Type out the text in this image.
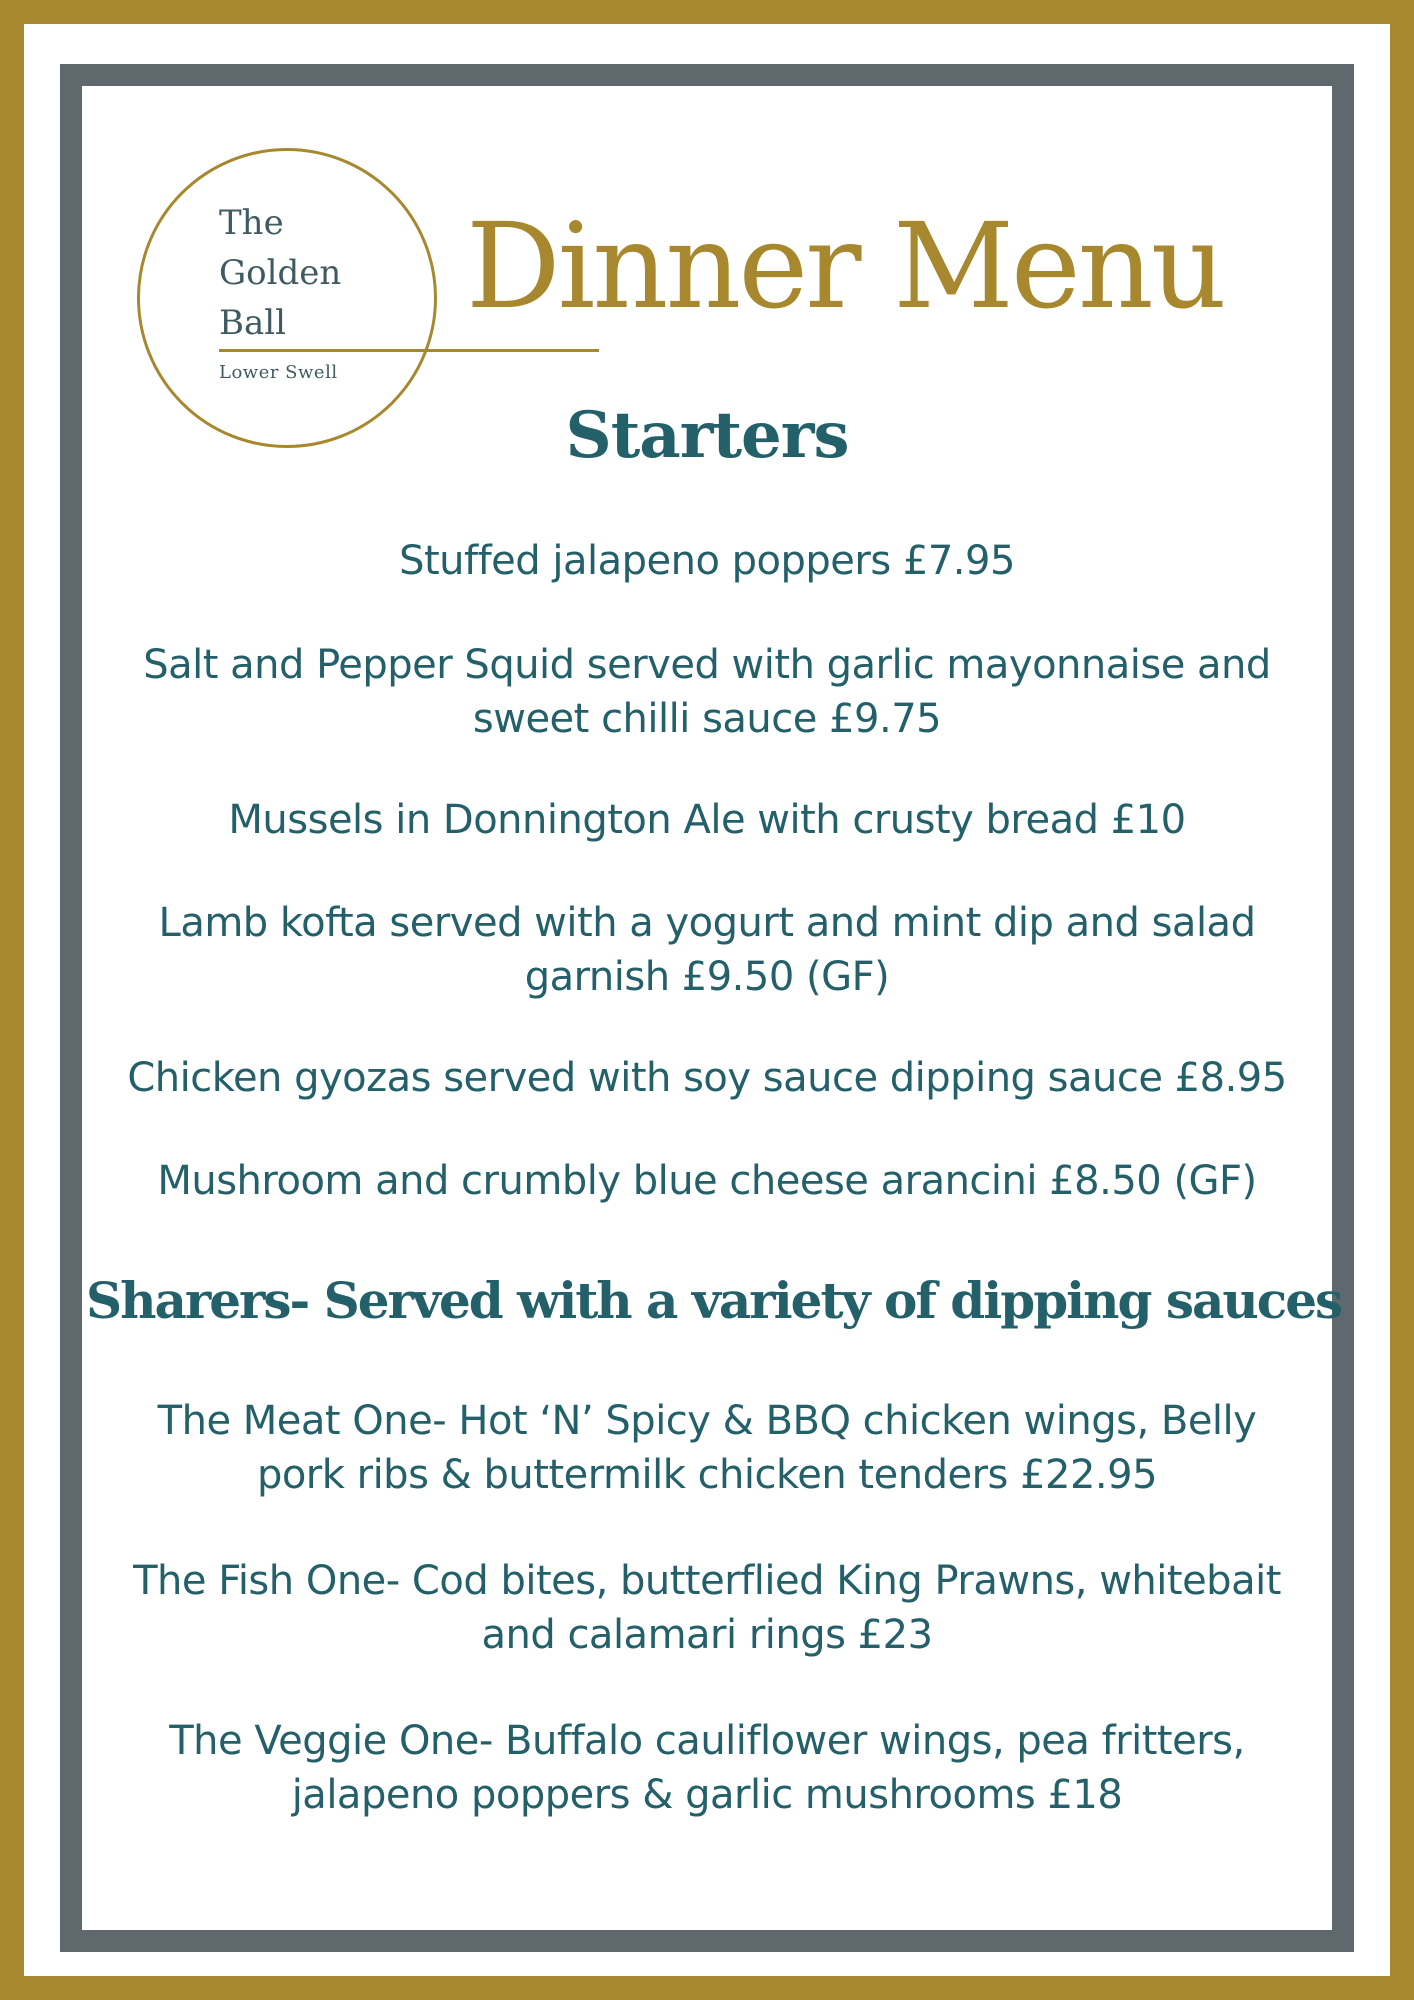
The
Golden
Ball
Lower Swell
Dinner Menu
Starters
Stuffed jalapeno poppers £7.95
Salt and Pepper Squid served with garlic mayonnaise and sweet chilli sauce £9.75
Mussels in Donnington Ale with crusty bread £10
Lamb kofta served with a yogurt and mint dip and salad garnish £9.50 (GF)
Chicken gyozas served with soy sauce dipping sauce £8.95
Mushroom and crumbly blue cheese arancini £8.50 (GF)
Sharers- Served with a variety of dipping sauces
The Meat One- Hot ‘N’ Spicy & BBQ chicken wings, Belly pork ribs & buttermilk chicken tenders £22.95
The Fish One- Cod bites, butterflied King Prawns, whitebait and calamari rings £23
The Veggie One- Buffalo cauliflower wings, pea fritters, jalapeno poppers & garlic mushrooms £18
